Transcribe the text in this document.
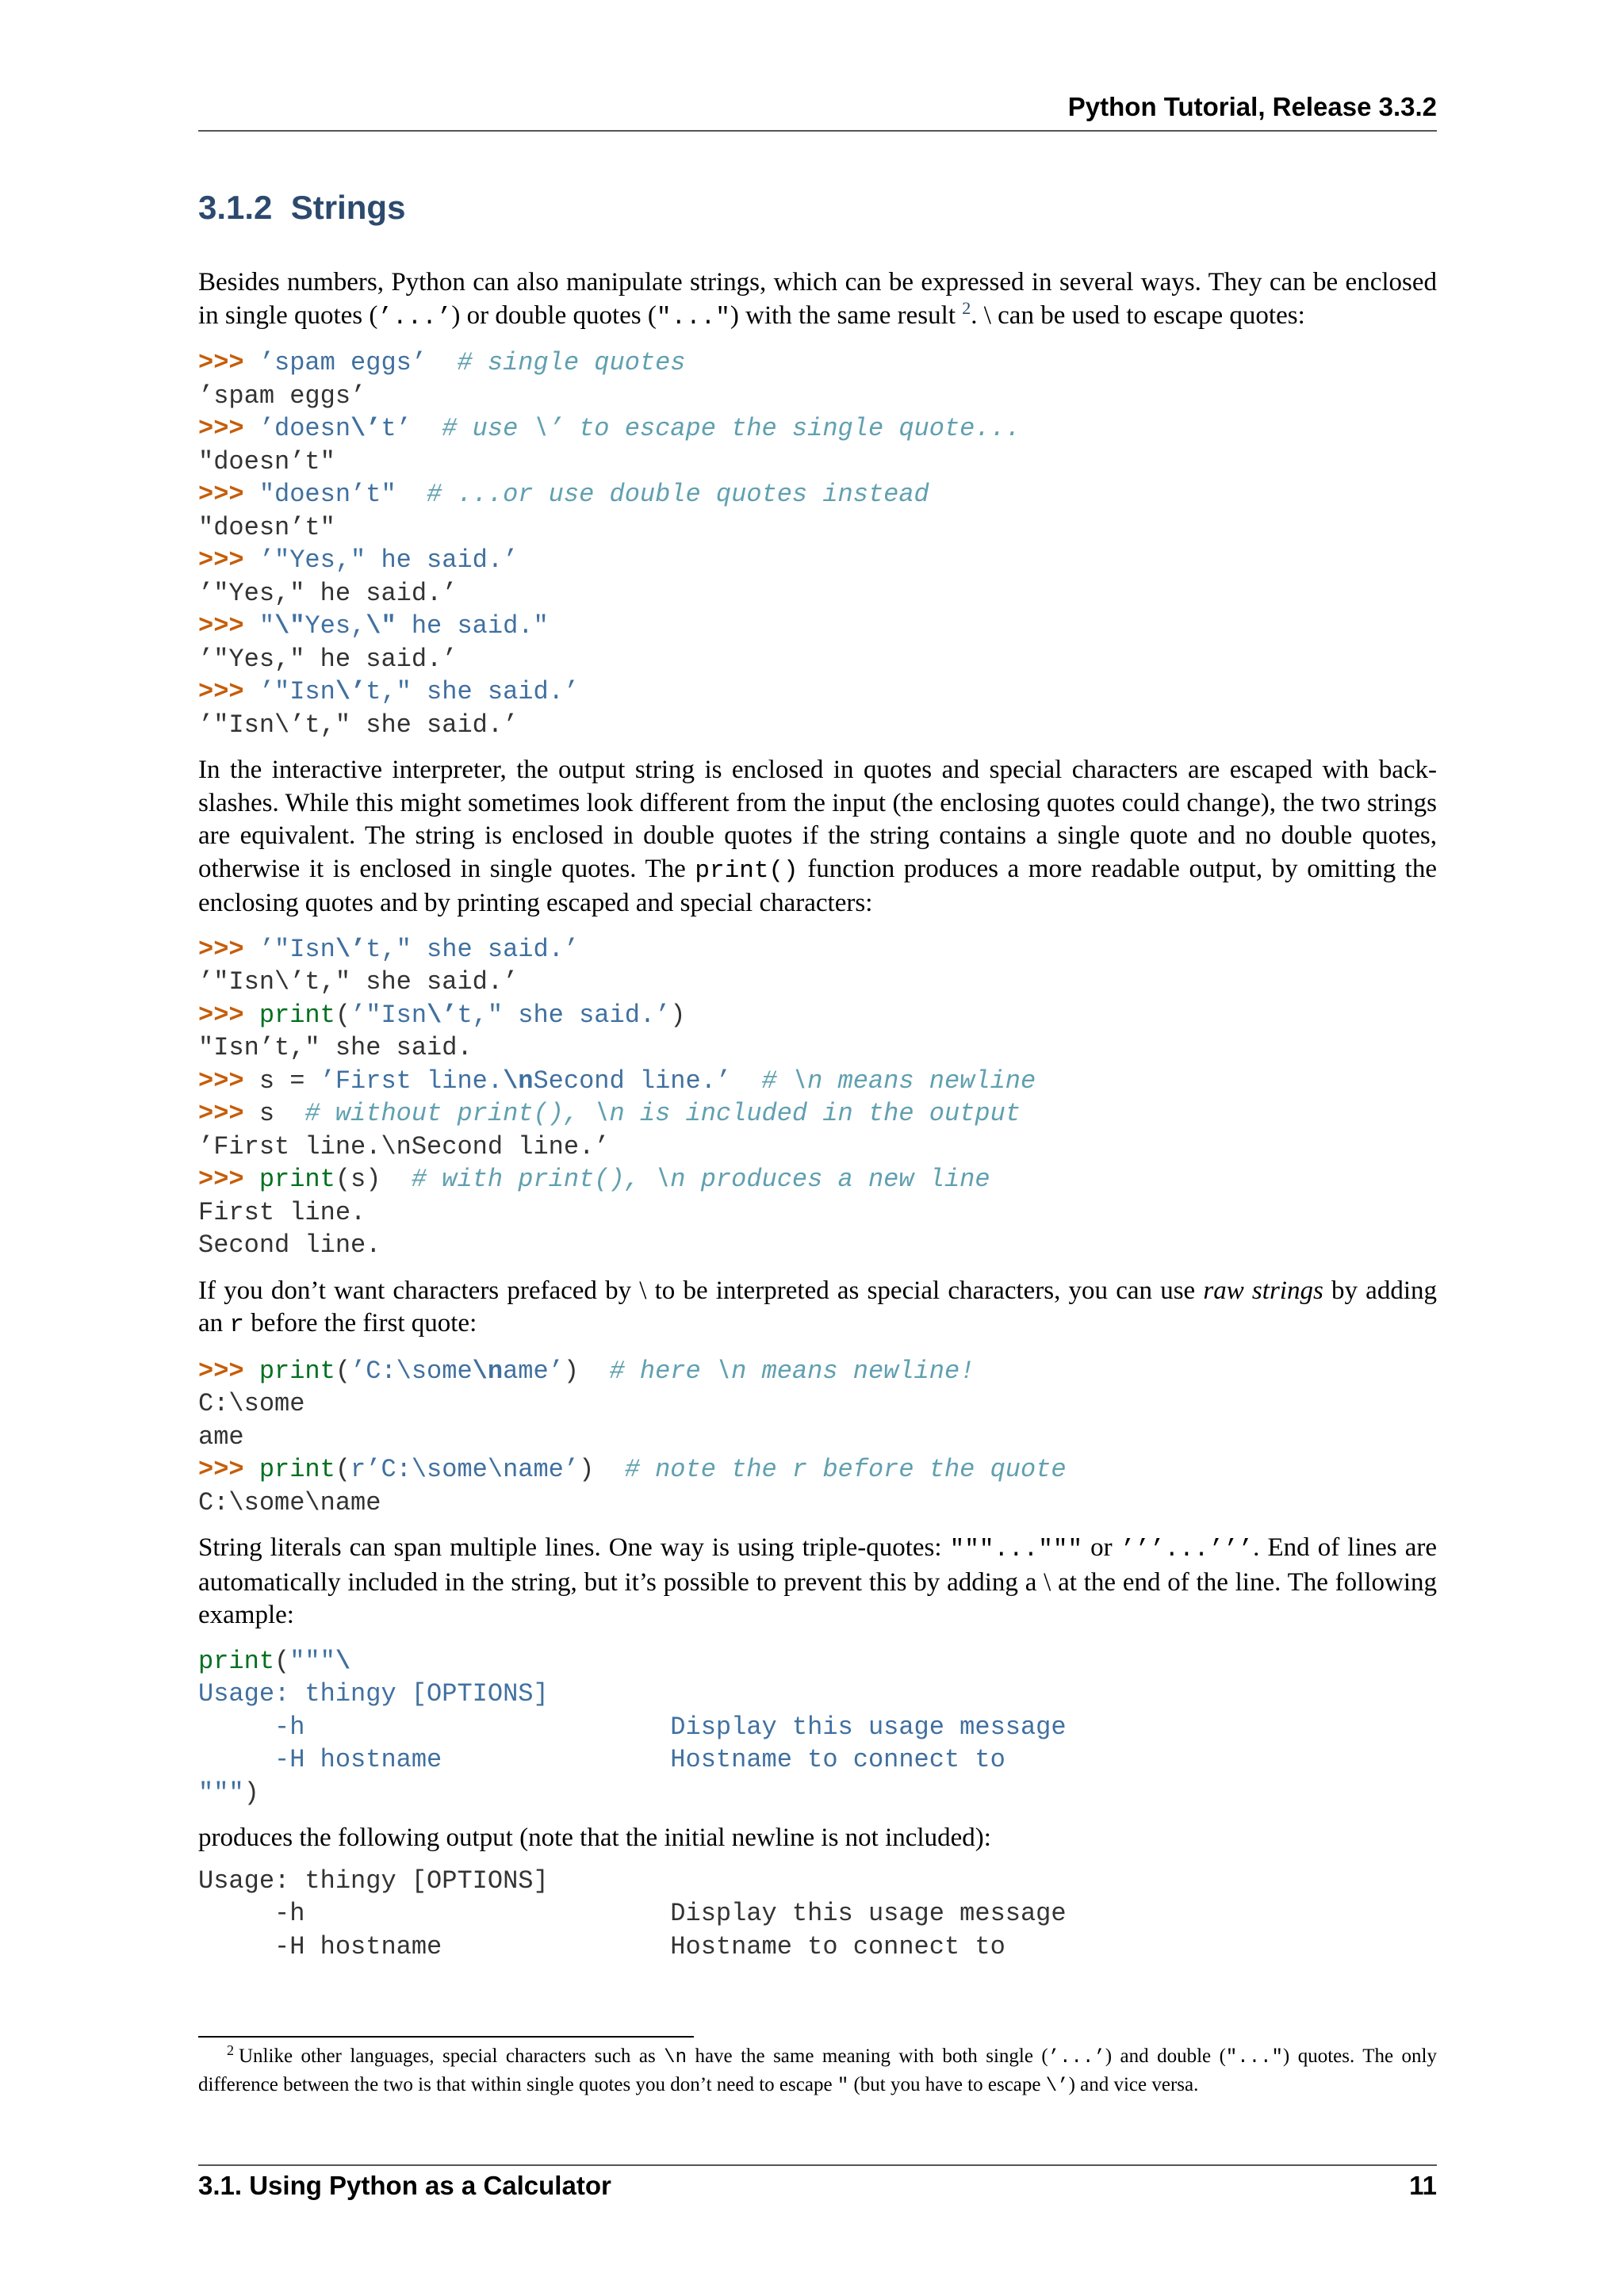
Python Tutorial, Release 3.3.2
3.1.2 Strings

Besides numbers, Python can also manipulate strings, which can be expressed in several ways. They can be enclosed in single quotes (’...’) or double quotes ("...") with the same result $^2$. \ can be used to escape quotes:

>>> ’spam eggs’  # single quotes
’spam eggs’
>>> ’doesn\’t’  # use \’ to escape the single quote...
"doesn’t"
>>> "doesn’t"  # ...or use double quotes instead
"doesn’t"
>>> ’"Yes," he said.’
’"Yes," he said.’
>>> "\"Yes,\" he said."
’"Yes," he said.’
>>> ’"Isn\’t," she said.’
’"Isn\’t," she said.’

In the interactive interpreter, the output string is enclosed in quotes and special characters are escaped with back-slashes. While this might sometimes look different from the input (the enclosing quotes could change), the two strings are equivalent. The string is enclosed in double quotes if the string contains a single quote and no double quotes, otherwise it is enclosed in single quotes. The print() function produces a more readable output, by omitting the enclosing quotes and by printing escaped and special characters:

>>> ’"Isn\’t," she said.’
’"Isn\’t," she said.’
>>> print(’"Isn\’t," she said.’)
"Isn’t," she said.
>>> s = ’First line.\nSecond line.’  # \n means newline
>>> s  # without print(), \n is included in the output
’First line.\nSecond line.’
>>> print(s)  # with print(), \n produces a new line
First line.
Second line.

If you don’t want characters prefaced by \ to be interpreted as special characters, you can use raw strings by adding an r before the first quote:

>>> print(’C:\some\name’)  # here \n means newline!
C:\some
ame
>>> print(r’C:\some\name’)  # note the r before the quote
C:\some\name

String literals can span multiple lines. One way is using triple-quotes: """...""" or ’’’...’’’. End of lines are automatically included in the string, but it’s possible to prevent this by adding a \ at the end of the line. The following example:

print("""\
Usage: thingy [OPTIONS]
-h                        Display this usage message
-H hostname               Hostname to connect to
""")

produces the following output (note that the initial newline is not included):

Usage: thingy [OPTIONS]
-h                        Display this usage message
-H hostname               Hostname to connect to
$^2$ Unlike other languages, special characters such as \n have the same meaning with both single (’...’) and double ("...") quotes. The only difference between the two is that within single quotes you don’t need to escape " (but you have to escape \’) and vice versa.
3.1. Using Python as a Calculator	11
